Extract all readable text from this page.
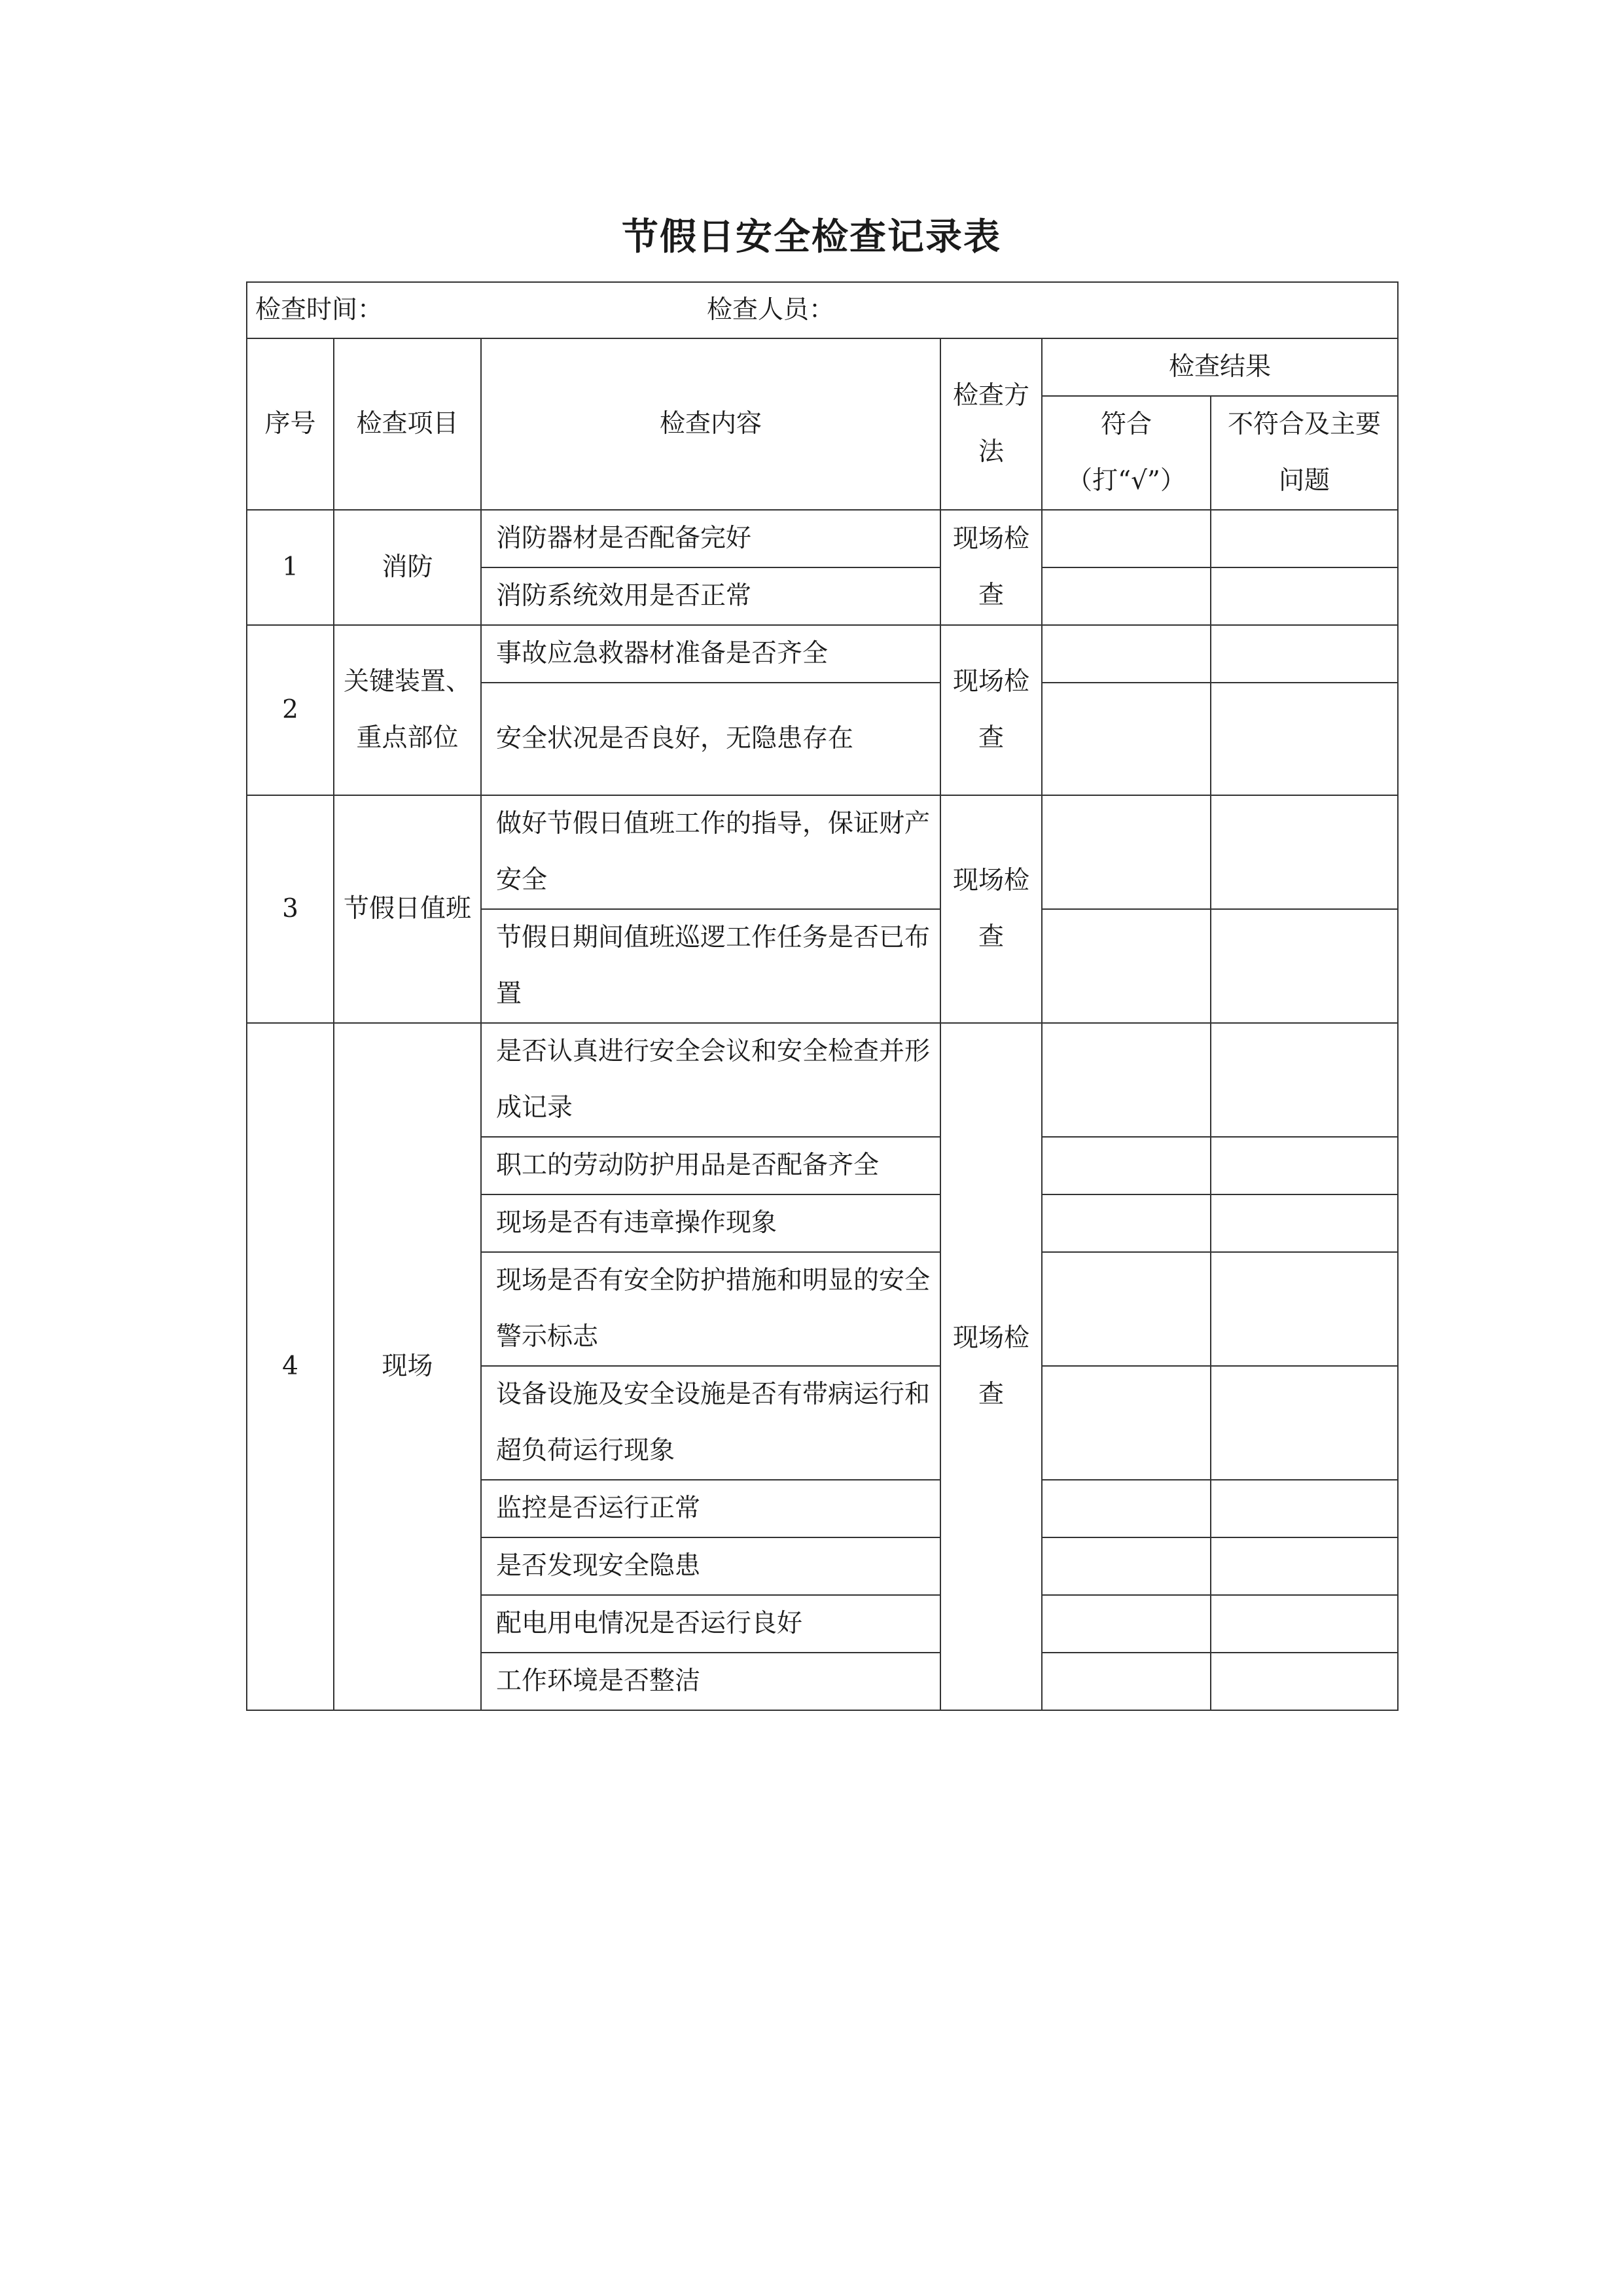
节假日安全检查记录表
检查时间： 检查人员：					

序号	检查项目	检查内容	检查方法	检查结果	
				符合（打“√”）	不符合及主要问题
1	消防	消防器材是否配备完好	现场检查		
		消防系统效用是否正常			
2	关键装置、重点部位	事故应急救器材准备是否齐全	现场检查		
		安全状况是否良好，无隐患存在			
3	节假日值班	做好节假日值班工作的指导，保证财产安全	现场检查		
		节假日期间值班巡逻工作任务是否已布置			
4	现场	是否认真进行安全会议和安全检查并形成记录	现场检查		
		职工的劳动防护用品是否配备齐全			
		现场是否有违章操作现象			
		现场是否有安全防护措施和明显的安全警示标志			
		设备设施及安全设施是否有带病运行和超负荷运行现象			
		监控是否运行正常			
		是否发现安全隐患			
		配电用电情况是否运行良好			
		工作环境是否整洁			
